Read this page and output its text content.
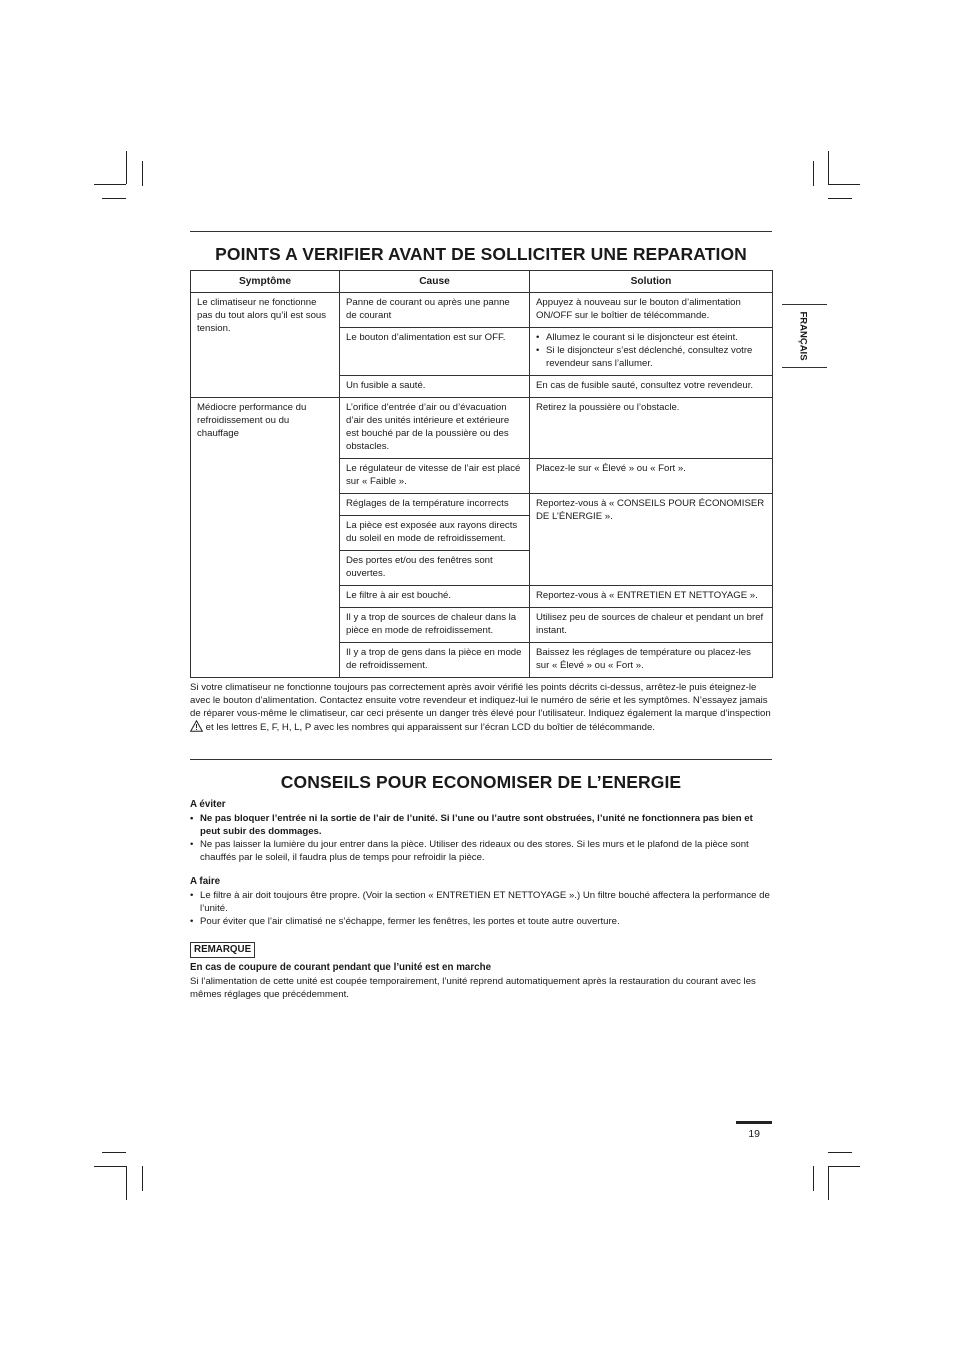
FRANÇAIS
POINTS A VERIFIER AVANT DE SOLLICITER UNE REPARATION
Symptôme	Cause	Solution
Le climatiseur ne fonctionne pas du tout alors qu’il est sous tension.	Panne de courant ou après une panne de courant	Appuyez à nouveau sur le bouton d’alimentation ON/OFF sur le boîtier de télécommande.
	Le bouton d’alimentation est sur OFF.	• Allumez le courant si le disjoncteur est éteint.
• Si le disjoncteur s’est déclenché, consultez votre revendeur sans l’allumer.

	Un fusible a sauté.	En cas de fusible sauté, consultez votre revendeur.
Médiocre performance du refroidissement ou du chauffage	L’orifice d’entrée d’air ou d’évacuation d’air des unités intérieure et extérieure est bouché par de la poussière ou des obstacles.	Retirez la poussière ou l’obstacle.
	Le régulateur de vitesse de l’air est placé sur « Faible ».	Placez-le sur « Élevé » ou « Fort ».
	Réglages de la température incorrects	Reportez-vous à « CONSEILS POUR ÉCONOMISER DE L’ÉNERGIE ».
	La pièce est exposée aux rayons directs du soleil en mode de refroidissement.	
	Des portes et/ou des fenêtres sont ouvertes.	
	Le filtre à air est bouché.	Reportez-vous à « ENTRETIEN ET NETTOYAGE ».
	Il y a trop de sources de chaleur dans la pièce en mode de refroidissement.	Utilisez peu de sources de chaleur et pendant un bref instant.
	Il y a trop de gens dans la pièce en mode de refroidissement.	Baissez les réglages de température ou placez-les sur « Élevé » ou « Fort ».
Si votre climatiseur ne fonctionne toujours pas correctement après avoir vérifié les points décrits ci-dessus, arrêtez-le puis éteignez-le avec le bouton d’alimentation. Contactez ensuite votre revendeur et indiquez-lui le numéro de série et les symptômes. N’essayez jamais de réparer vous-même le climatiseur, car ceci présente un danger très élevé pour l’utilisateur. Indiquez également la marque d’inspection  et les lettres E, F, H, L, P avec les nombres qui apparaissent sur l’écran LCD du boîtier de télécommande.
CONSEILS POUR ECONOMISER DE L’ENERGIE
A éviter
• Ne pas bloquer l’entrée ni la sortie de l’air de l’unité. Si l’une ou l’autre sont obstruées, l’unité ne fonctionnera pas bien et peut subir des dommages.
• Ne pas laisser la lumière du jour entrer dans la pièce. Utiliser des rideaux ou des stores. Si les murs et le plafond de la pièce sont chauffés par le soleil, il faudra plus de temps pour refroidir la pièce.
A faire
• Le filtre à air doit toujours être propre. (Voir la section « ENTRETIEN ET NETTOYAGE ».) Un filtre bouché affectera la performance de l’unité.
• Pour éviter que l’air climatisé ne s’échappe, fermer les fenêtres, les portes et toute autre ouverture.
REMARQUE
En cas de coupure de courant pendant que l’unité est en marche
Si l’alimentation de cette unité est coupée temporairement, l’unité reprend automatiquement après la restauration du courant avec les mêmes réglages que précédemment.
19
